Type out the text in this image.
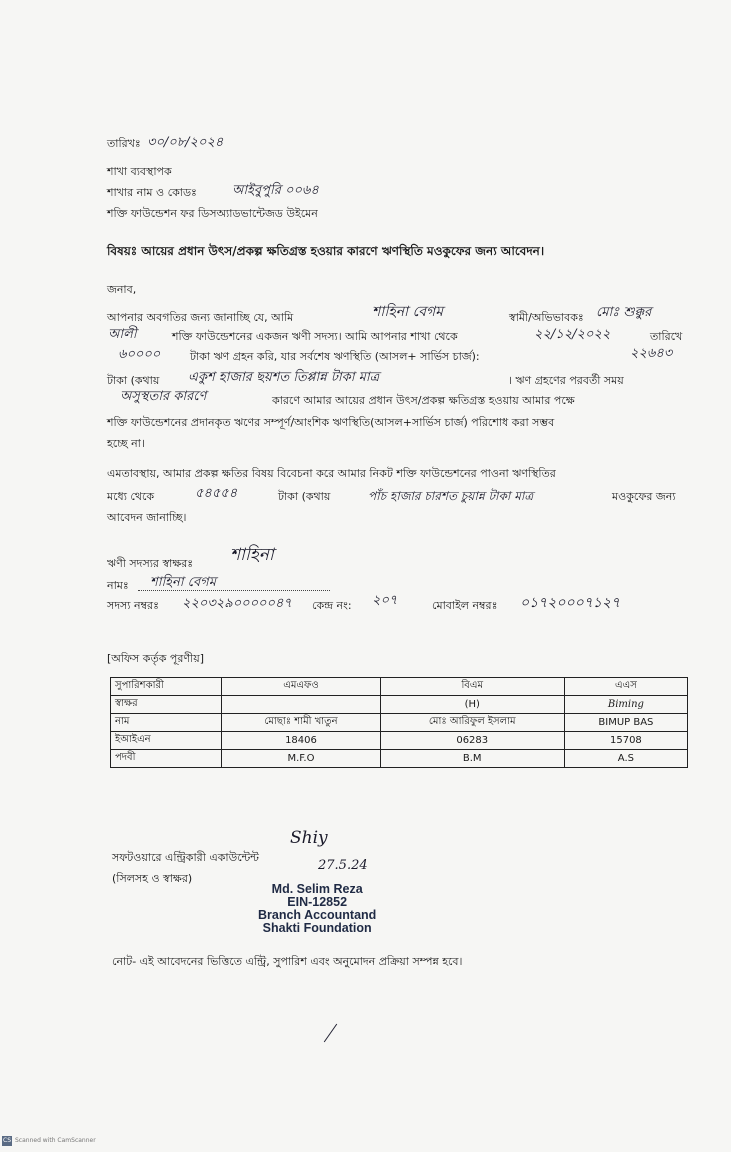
তারিখঃ ৩০/০৮/২০২৪
শাখা ব্যবস্থাপক
শাখার নাম ও কোডঃ	আইবুপুরি ০০৬৪
শক্তি ফাউন্ডেশন ফর ডিসঅ্যাডভান্টেজড উইমেন
বিষয়ঃ আয়ের প্রধান উৎস/প্রকল্প ক্ষতিগ্রস্ত হওয়ার কারণে ঋণস্থিতি মওকুফের জন্য আবেদন।
জনাব,
আপনার অবগতির জন্য জানাচ্ছি যে, আমি	শাহিনা বেগম	স্বামী/অভিভাবকঃ মোঃ শুক্কুর
আলী	শক্তি ফাউন্ডেশনের একজন ঋণী সদস্য। আমি আপনার শাখা থেকে	২২/১২/২০২২	তারিখে
৬০০০০	টাকা ঋণ গ্রহন করি, যার সর্বশেষ ঋণস্থিতি (আসল+ সার্ভিস চার্জ):	২২৬৪৩
টাকা (কথায় একুশ হাজার ছয়শত তিপ্পান্ন টাকা মাত্র	। ঋণ গ্রহণের পরবর্তী সময়
অসুস্থতার কারণে	কারণে আমার আয়ের প্রধান উৎস/প্রকল্প ক্ষতিগ্রস্ত হওয়ায় আমার পক্ষে
শক্তি ফাউন্ডেশনের প্রদানকৃত ঋণের সম্পূর্ণ/আংশিক ঋণস্থিতি(আসল+সার্ভিস চার্জ) পরিশোধ করা সম্ভব
হচ্ছে না।
এমতাবস্থায়, আমার প্রকল্প ক্ষতির বিষয় বিবেচনা করে আমার নিকট শক্তি ফাউন্ডেশনের পাওনা ঋণস্থিতির
মধ্যে থেকে	৫৪৫৫৪	টাকা (কথায়	পাঁচ হাজার চারশত চুয়ান্ন টাকা মাত্র	মওকুফের জন্য
আবেদন জানাচ্ছি।
ঋণী সদস্যর স্বাক্ষরঃ শাহিনা
নামঃ শাহিনা বেগম
সদস্য নম্বরঃ ২২০৩২৯০০০০০৪৭ কেন্দ্র নং: ২০৭	মোবাইল নম্বরঃ ০১৭২০০০৭১২৭
[অফিস কর্তৃক পূরণীয়]
সুপারিশকারী	এমএফও	বিএম	এএস
স্বাক্ষর		(H)	Biming
নাম	মোছাঃ শামী খাতুন	মোঃ আরিফুল ইসলাম	BIMUP BAS
ইআইএন	18406	06283	15708
পদবী	M.F.O	B.M	A.S
সফটওয়ারে এন্ট্রিকারী একাউন্টেন্ট
Shiy
27.5.24
(সিলসহ ও স্বাক্ষর)
Md. Selim Reza
EIN-12852
Branch Accountand
Shakti Foundation
নোট- এই আবেদনের ভিত্তিতে এন্ট্রি, সুপারিশ এবং অনুমোদন প্রক্রিয়া সম্পন্ন হবে।
CS Scanned with CamScanner
